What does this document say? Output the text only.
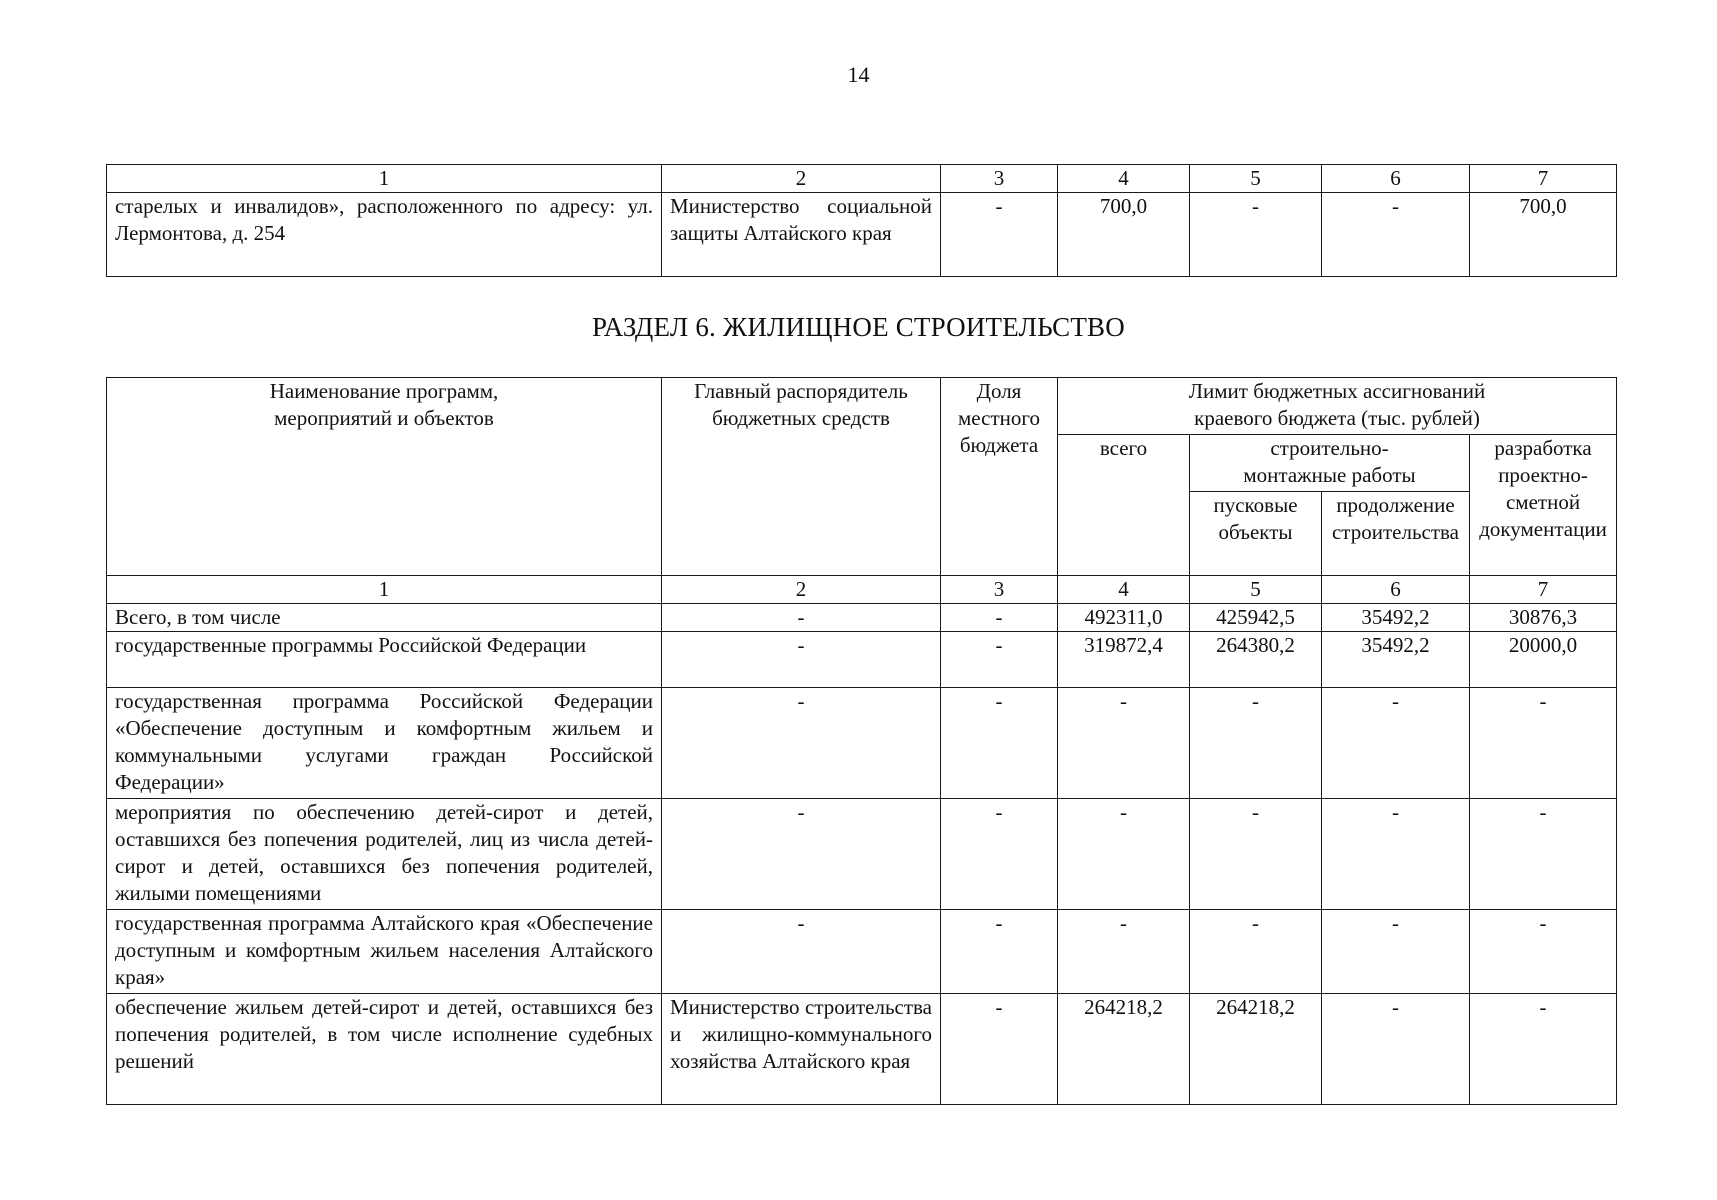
14
1	2	3	4	5	6	7
старелых и инвалидов», расположенного по адресу: ул. Лермонтова, д. 254	Министерство социальной защиты Алтайского края	-	700,0	-	-	700,0
РАЗДЕЛ 6. ЖИЛИЩНОЕ СТРОИТЕЛЬСТВО
Наименование программ, мероприятий и объектов	Главный распорядитель бюджетных средств	Доля местного бюджета	Лимит бюджетных ассигнований краевого бюджета (тыс. рублей)			
			всего	строительно-монтажные работы		разработка проектно-сметной документации
				пусковые объекты	продолжение строительства	

1	2	3	4	5	6	7
Всего, в том числе	-	-	492311,0	425942,5	35492,2	30876,3
государственные программы Российской Федерации	-	-	319872,4	264380,2	35492,2	20000,0
государственная программа Российской Федерации «Обеспечение доступным и комфортным жильем и коммунальными услугами граждан Российской Федерации»	-	-	-	-	-	-
мероприятия по обеспечению детей-сирот и детей, оставшихся без попечения родителей, лиц из числа детей-сирот и детей, оставшихся без попечения родителей, жилыми помещениями	-	-	-	-	-	-
государственная программа Алтайского края «Обеспечение доступным и комфортным жильем населения Алтайского края»	-	-	-	-	-	-
обеспечение жильем детей-сирот и детей, оставшихся без попечения родителей, в том числе исполнение судебных решений	Министерство строительства и жилищно-коммунального хозяйства Алтайского края	-	264218,2	264218,2	-	-
